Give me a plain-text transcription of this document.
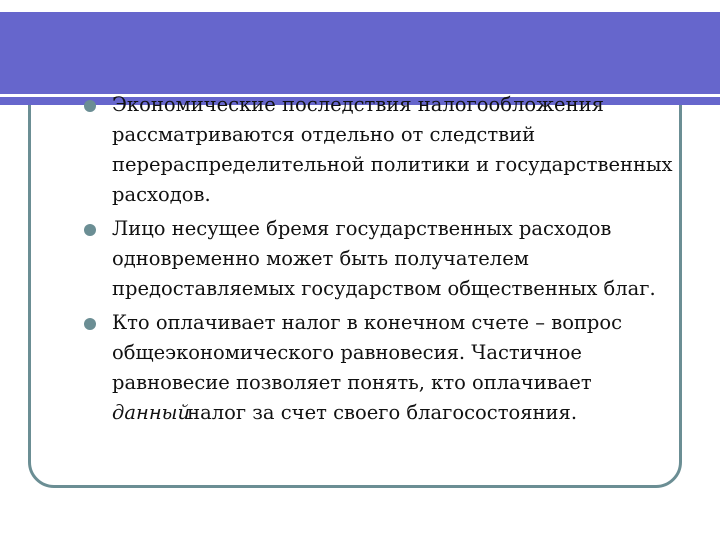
Экономические последствия налогообложения рассматриваются отдельно от следствий перераспределительной политики и государственных расходов.
Лицо несущее бремя государственных расходов одновременно может быть получателем предоставляемых государством общественных благ.
Кто оплачивает налог в конечном счете – вопрос общеэкономического равновесия. Частичное равновесие позволяет понять, кто оплачивает данныйналог за счет своего благосостояния.
